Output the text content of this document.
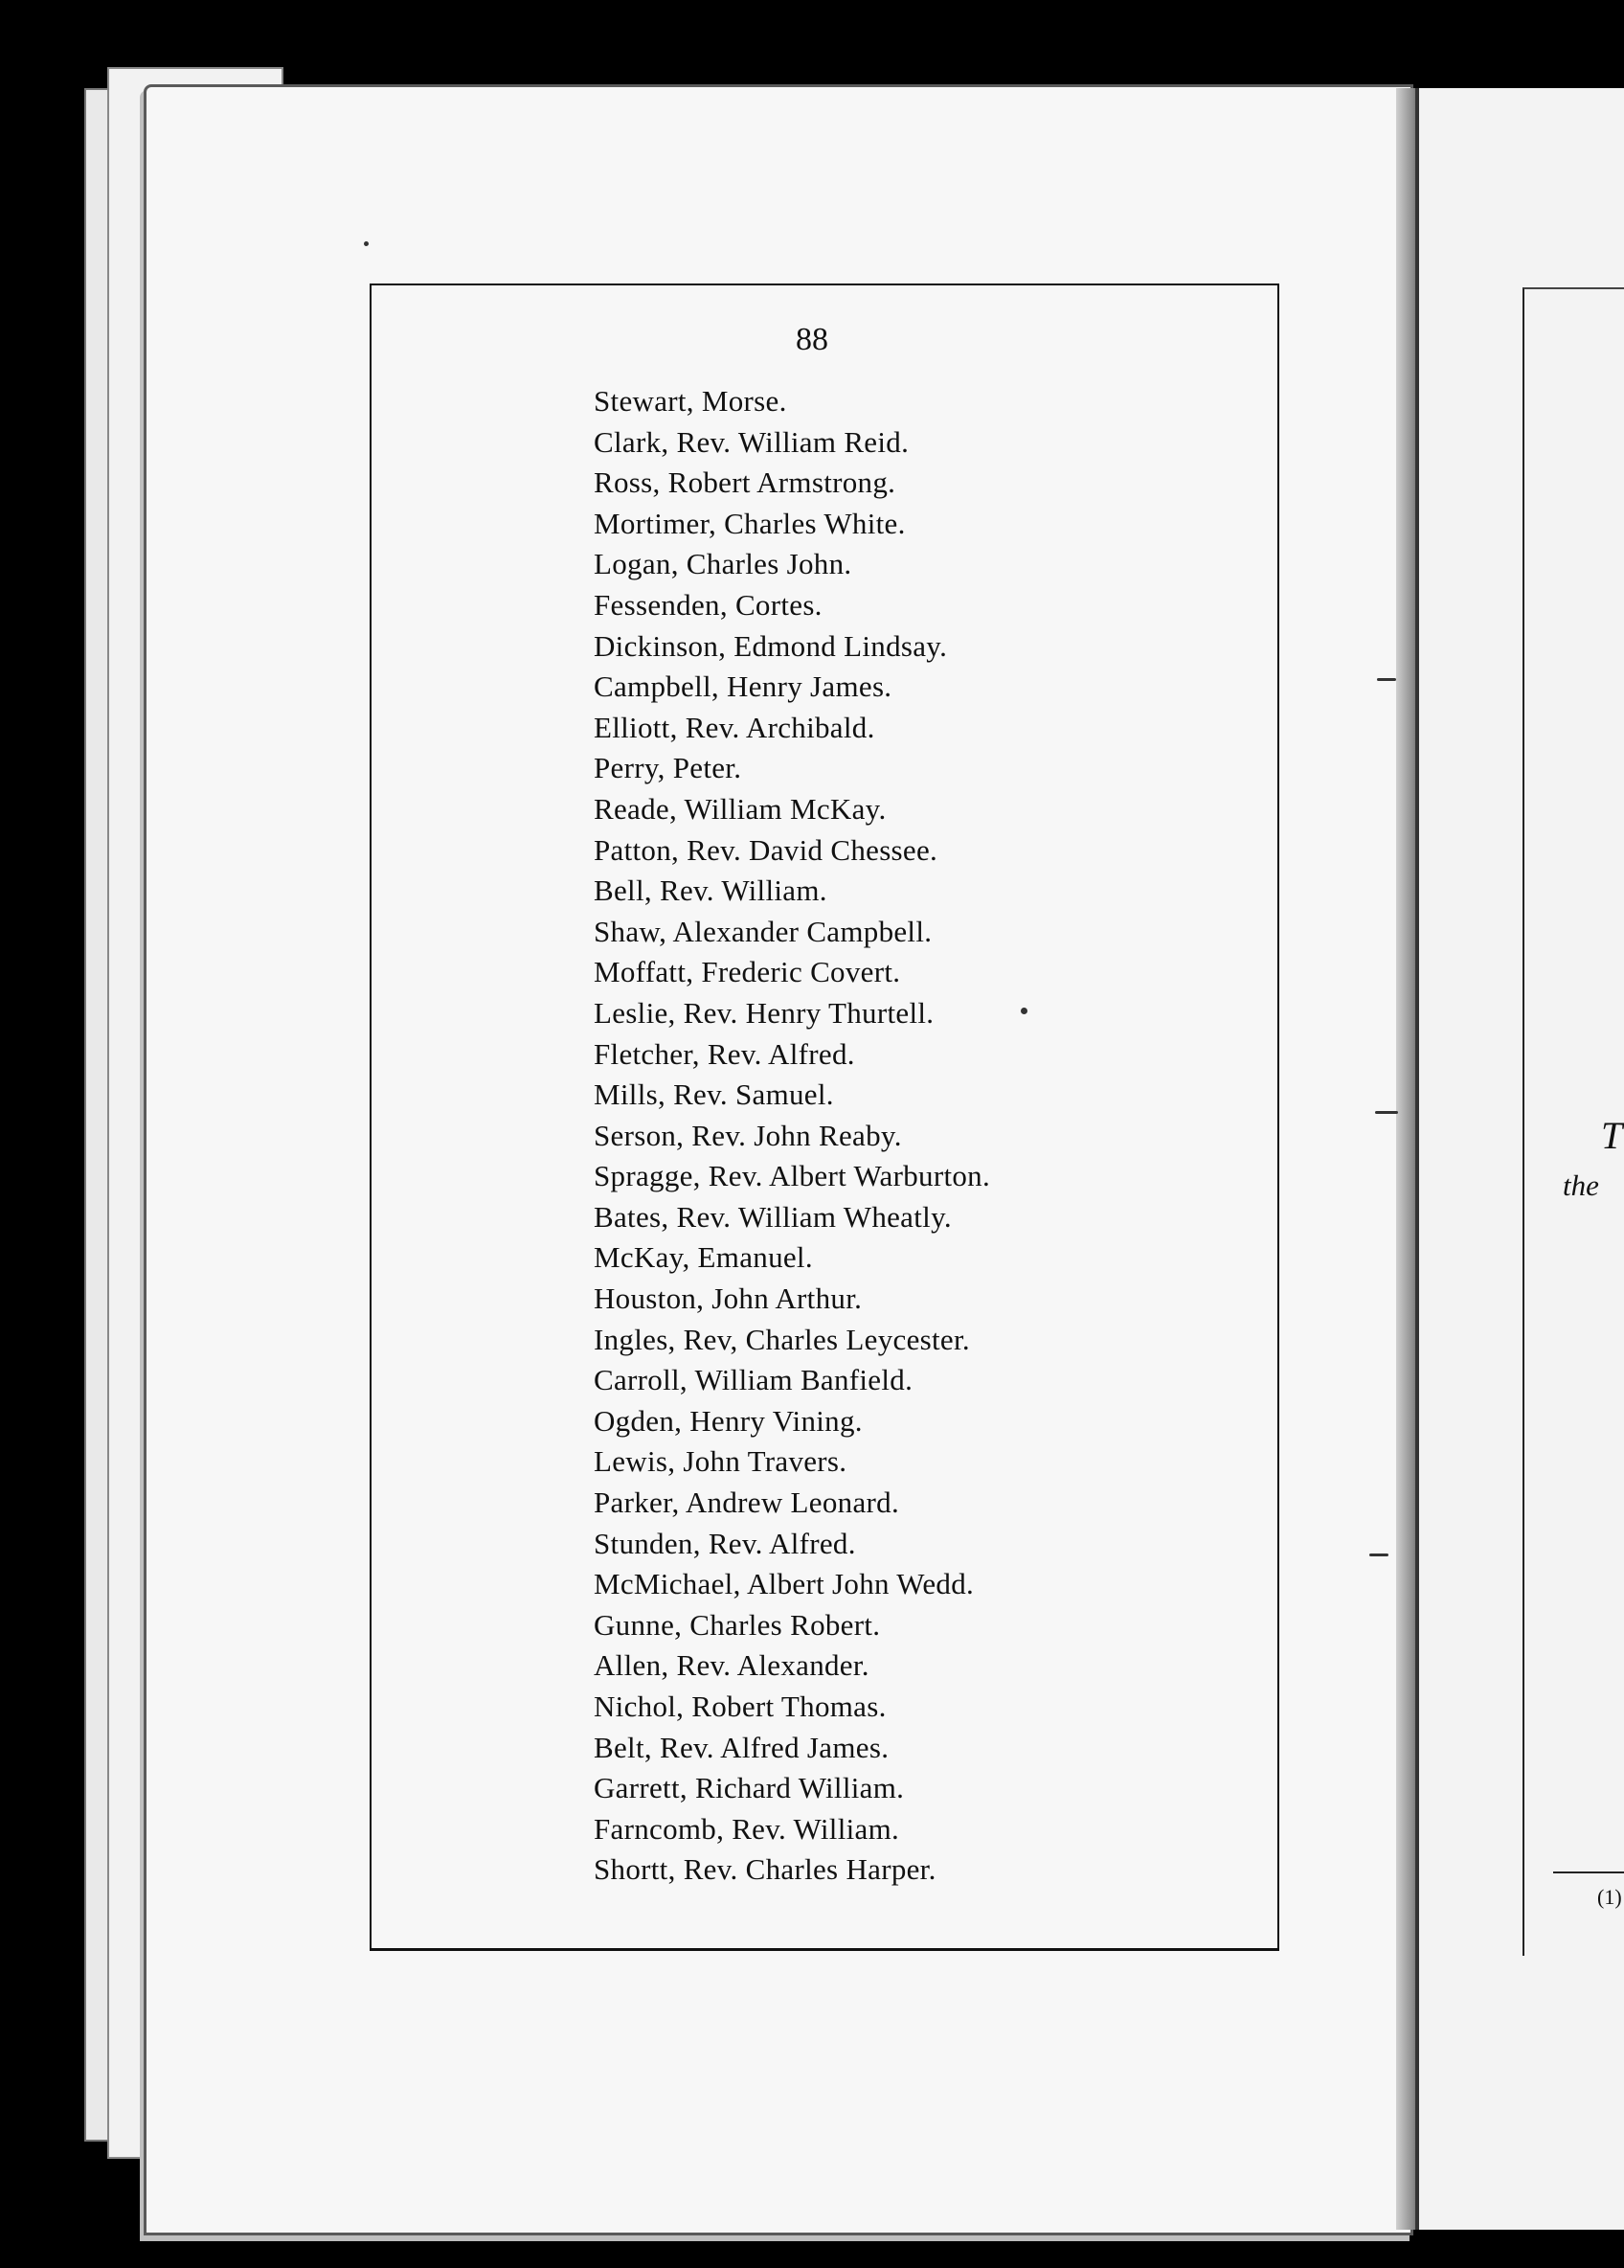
T
the
(1)
88
Stewart, Morse.
Clark, Rev. William Reid.
Ross, Robert Armstrong.
Mortimer, Charles White.
Logan, Charles John.
Fessenden, Cortes.
Dickinson, Edmond Lindsay.
Campbell, Henry James.
Elliott, Rev. Archibald.
Perry, Peter.
Reade, William McKay.
Patton, Rev. David Chessee.
Bell, Rev. William.
Shaw, Alexander Campbell.
Moffatt, Frederic Covert.
Leslie, Rev. Henry Thurtell.
Fletcher, Rev. Alfred.
Mills, Rev. Samuel.
Serson, Rev. John Reaby.
Spragge, Rev. Albert Warburton.
Bates, Rev. William Wheatly.
McKay, Emanuel.
Houston, John Arthur.
Ingles, Rev, Charles Leycester.
Carroll, William Banfield.
Ogden, Henry Vining.
Lewis, John Travers.
Parker, Andrew Leonard.
Stunden, Rev. Alfred.
McMichael, Albert John Wedd.
Gunne, Charles Robert.
Allen, Rev. Alexander.
Nichol, Robert Thomas.
Belt, Rev. Alfred James.
Garrett, Richard William.
Farncomb, Rev. William.
Shortt, Rev. Charles Harper.
